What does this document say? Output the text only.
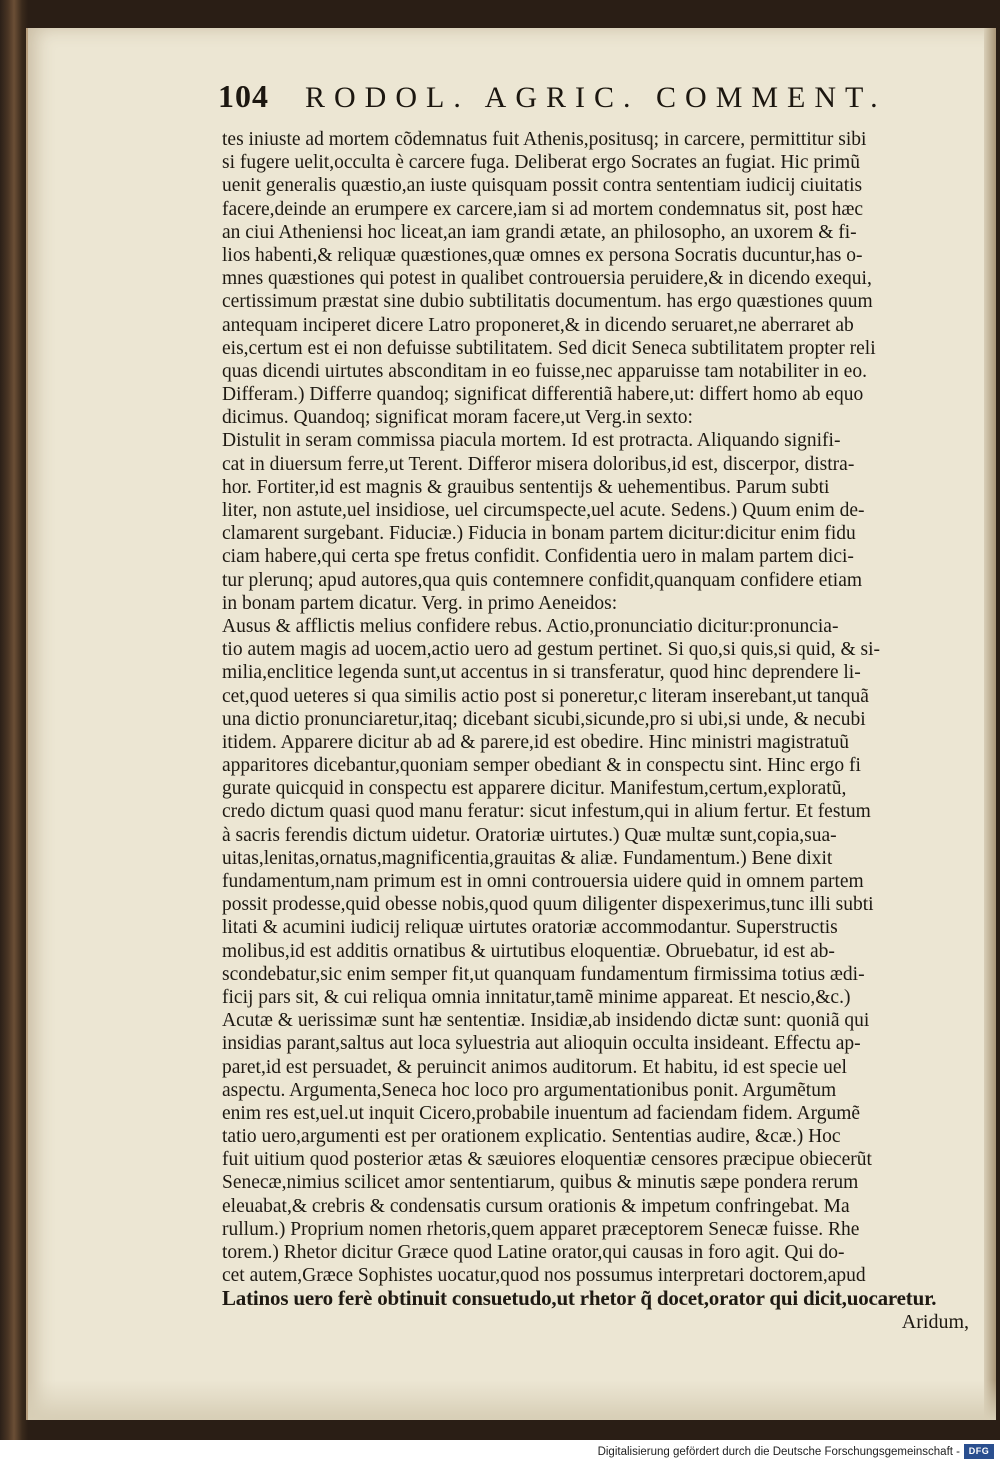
104 RODOL. AGRIC. COMMENT.
tes iniuste ad mortem cõdemnatus fuit Athenis,positusq; in carcere, permittitur sibi
si fugere uelit,occulta è carcere fuga. Deliberat ergo Socrates an fugiat. Hic primũ
uenit generalis quæstio,an iuste quisquam possit contra sententiam iudicij ciuitatis
facere,deinde an erumpere ex carcere,iam si ad mortem condemnatus sit, post hæc
an ciui Atheniensi hoc liceat,an iam grandi ætate, an philosopho, an uxorem & fi-
lios habenti,& reliquæ quæstiones,quæ omnes ex persona Socratis ducuntur,has o-
mnes quæstiones qui potest in qualibet controuersia peruidere,& in dicendo exequi,
certissimum præstat sine dubio subtilitatis documentum. has ergo quæstiones quum
antequam inciperet dicere Latro proponeret,& in dicendo seruaret,ne aberraret ab
eis,certum est ei non defuisse subtilitatem. Sed dicit Seneca subtilitatem propter reli
quas dicendi uirtutes absconditam in eo fuisse,nec apparuisse tam notabiliter in eo.
Differam.) Differre quandoq; significat differentiã habere,ut: differt homo ab equo
dicimus. Quandoq; significat moram facere,ut Verg.in sexto:
Distulit in seram commissa piacula mortem. Id est protracta. Aliquando signifi-
cat in diuersum ferre,ut Terent. Differor misera doloribus,id est, discerpor, distra-
hor. Fortiter,id est magnis & grauibus sententijs & uehementibus. Parum subti
liter, non astute,uel insidiose, uel circumspecte,uel acute. Sedens.) Quum enim de-
clamarent surgebant. Fiduciæ.) Fiducia in bonam partem dicitur:dicitur enim fidu
ciam habere,qui certa spe fretus confidit. Confidentia uero in malam partem dici-
tur plerunq; apud autores,qua quis contemnere confidit,quanquam confidere etiam
in bonam partem dicatur. Verg. in primo Aeneidos:
Ausus & afflictis melius confidere rebus. Actio,pronunciatio dicitur:pronuncia-
tio autem magis ad uocem,actio uero ad gestum pertinet. Si quo,si quis,si quid, & si-
milia,enclitice legenda sunt,ut accentus in si transferatur, quod hinc deprendere li-
cet,quod ueteres si qua similis actio post si poneretur,c literam inserebant,ut tanquã
una dictio pronunciaretur,itaq; dicebant sicubi,sicunde,pro si ubi,si unde, & necubi
itidem. Apparere dicitur ab ad & parere,id est obedire. Hinc ministri magistratuũ
apparitores dicebantur,quoniam semper obediant & in conspectu sint. Hinc ergo fi
gurate quicquid in conspectu est apparere dicitur. Manifestum,certum,exploratũ,
credo dictum quasi quod manu feratur: sicut infestum,qui in alium fertur. Et festum
à sacris ferendis dictum uidetur. Oratoriæ uirtutes.) Quæ multæ sunt,copia,sua-
uitas,lenitas,ornatus,magnificentia,grauitas & aliæ. Fundamentum.) Bene dixit
fundamentum,nam primum est in omni controuersia uidere quid in omnem partem
possit prodesse,quid obesse nobis,quod quum diligenter dispexerimus,tunc illi subti
litati & acumini iudicij reliquæ uirtutes oratoriæ accommodantur. Superstructis
molibus,id est additis ornatibus & uirtutibus eloquentiæ. Obruebatur, id est ab-
scondebatur,sic enim semper fit,ut quanquam fundamentum firmissima totius ædi-
ficij pars sit, & cui reliqua omnia innitatur,tamẽ minime appareat. Et nescio,&c.)
Acutæ & uerissimæ sunt hæ sententiæ. Insidiæ,ab insidendo dictæ sunt: quoniã qui
insidias parant,saltus aut loca syluestria aut alioquin occulta insideant. Effectu ap-
paret,id est persuadet, & peruincit animos auditorum. Et habitu, id est specie uel
aspectu. Argumenta,Seneca hoc loco pro argumentationibus ponit. Argumẽtum
enim res est,uel.ut inquit Cicero,probabile inuentum ad faciendam fidem. Argumẽ
tatio uero,argumenti est per orationem explicatio. Sententias audire, &cæ.) Hoc
fuit uitium quod posterior ætas & sæuiores eloquentiæ censores præcipue obiecerũt
Senecæ,nimius scilicet amor sententiarum, quibus & minutis sæpe pondera rerum
eleuabat,& crebris & condensatis cursum orationis & impetum confringebat. Ma
rullum.) Proprium nomen rhetoris,quem apparet præceptorem Senecæ fuisse. Rhe
torem.) Rhetor dicitur Græce quod Latine orator,qui causas in foro agit. Qui do-
cet autem,Græce Sophistes uocatur,quod nos possumus interpretari doctorem,apud
Latinos uero ferè obtinuit consuetudo,ut rhetor q̃ docet,orator qui dicit,uocaretur.
Aridum,
Digitalisierung gefördert durch die Deutsche Forschungsgemeinschaft - DFG
